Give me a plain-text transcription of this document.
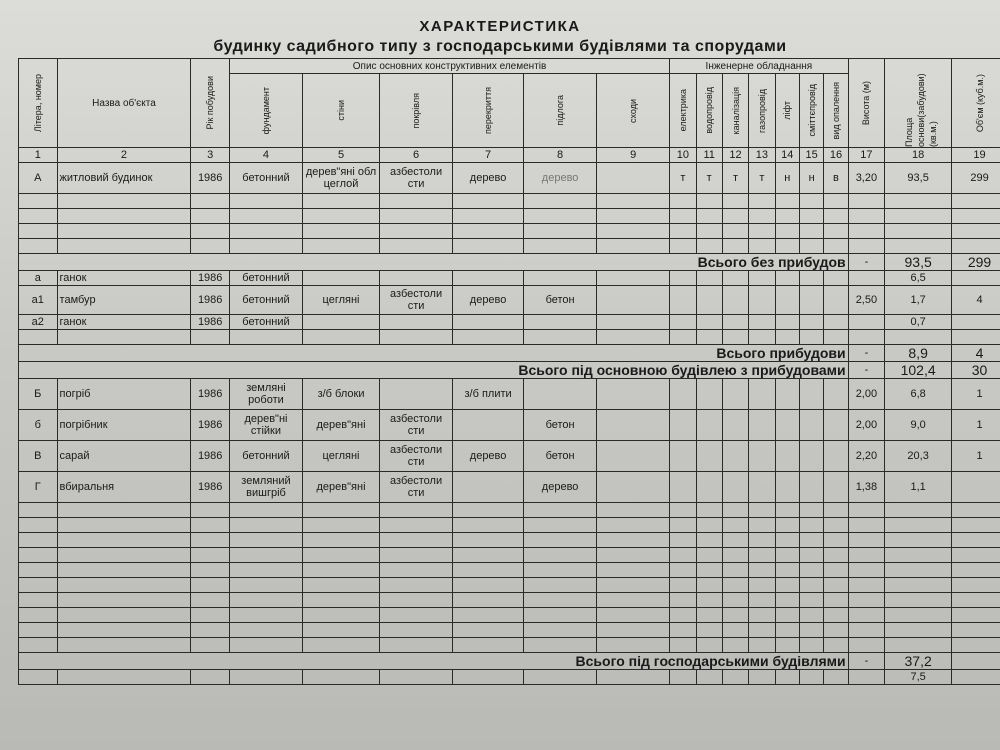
ХАРАКТЕРИСТИКА
будинку садибного типу з господарськими будівлями та спорудами
Літера, номер	Назва об'єкта	Рік побудови	Опис основних конструктивних елементів						Інженерне обладнання							Висота (м)	Площа основи(забудови) (кв.м.)	Об'єм (куб.м.)

			фундамент	стіни	покрівля	перекриття	підлога	сходи	електрика	водопровід	каналізація	газопровід	ліфт	сміттєпровід	вид опалення			

1	2	3	4	5	6	7	8	9	10	11	12	13	14	15	16	17	18	19
А	житловий будинок	1986	бетонний	дерев"яні обл цеглой	азбестоли сти	дерево	дерево		т	т	т	т	н	н	в	3,20	93,5	299

Всього без прибудов																-	93,5	299
а	ганок	1986	бетонний														6,5	
а1	тамбур	1986	бетонний	цегляні	азбестоли сти	дерево	бетон									2,50	1,7	4
а2	ганок	1986	бетонний														0,7	

Всього прибудови																-	8,9	4
Всього під основною будівлею з прибудовами																-	102,4	30
Б	погріб	1986	земляні роботи	з/б блоки		з/б плити										2,00	6,8	1
б	погрібник	1986	дерев"ні стійки	дерев"яні	азбестоли сти		бетон									2,00	9,0	1
В	сарай	1986	бетонний	цегляні	азбестоли сти	дерево	бетон									2,20	20,3	1
Г	вбиральня	1986	земляний вишгріб	дерев"яні	азбестоли сти		дерево									1,38	1,1	

Всього під господарськими будівлями																-	37,2	
																	7,5	
